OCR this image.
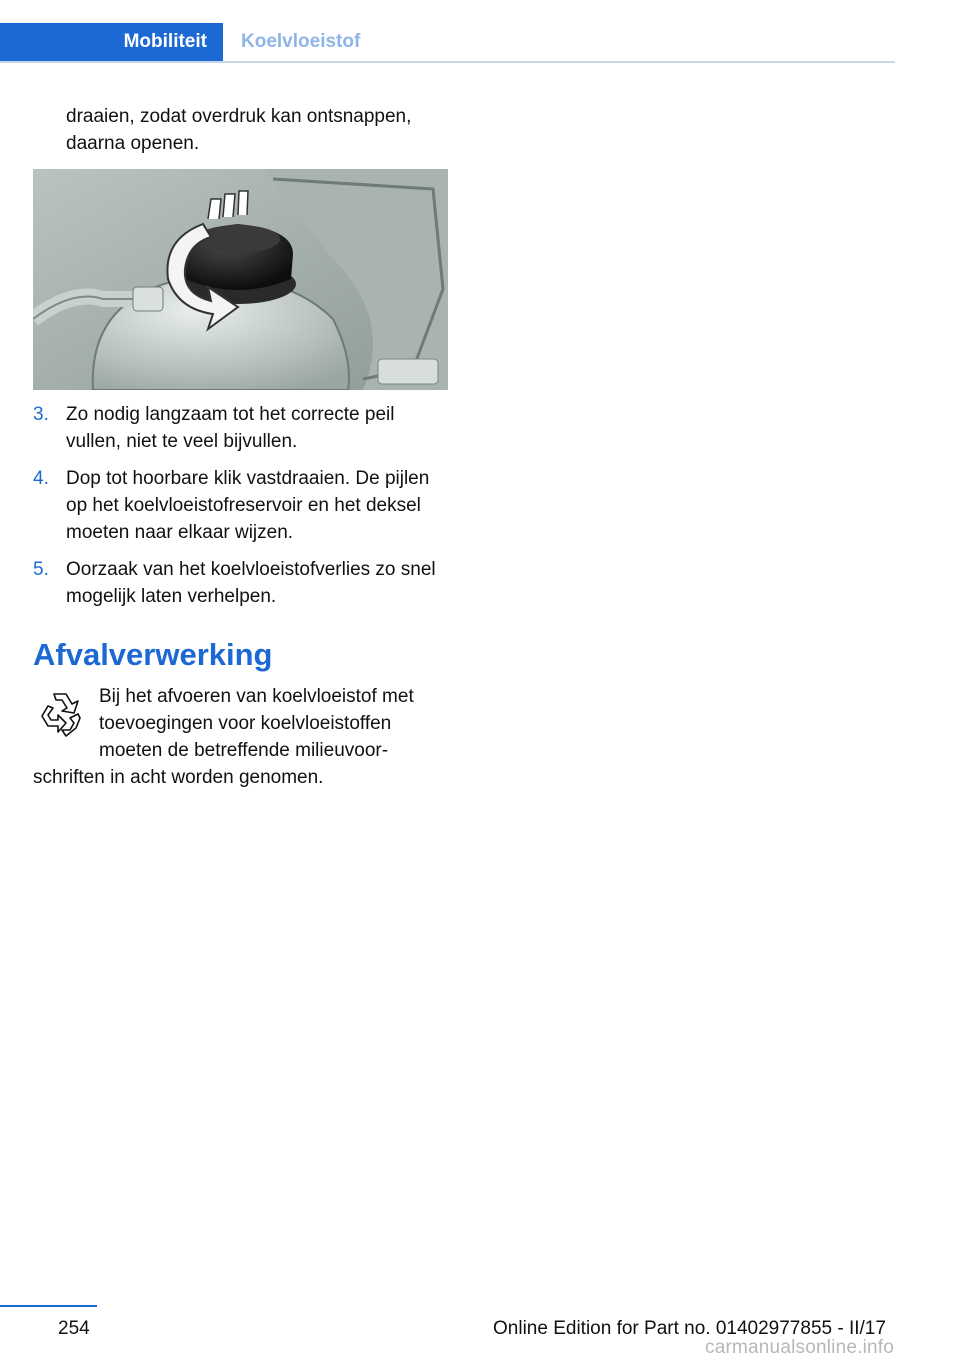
Mobiliteit	Koelvloeistof

draaien, zodat overdruk kan ontsnappen,

daarna openen.

3. Zo nodig langzaam tot het correcte peil vullen, niet te veel bijvullen.
4. Dop tot hoorbare klik vastdraaien. De pijlen op het koelvloeistofreservoir en het deksel moeten naar elkaar wijzen.
5. Oorzaak van het koelvloeistofverlies zo snel mogelijk laten verhelpen.
Afvalverwerking
Bij het afvoeren van koelvloeistof met
toevoegingen voor koelvloeistoffen
moeten de betreffende milieuvoor-
schriften in acht worden genomen.
254	Online Edition for Part no. 01402977855 - II/17
carmanualsonline.info
